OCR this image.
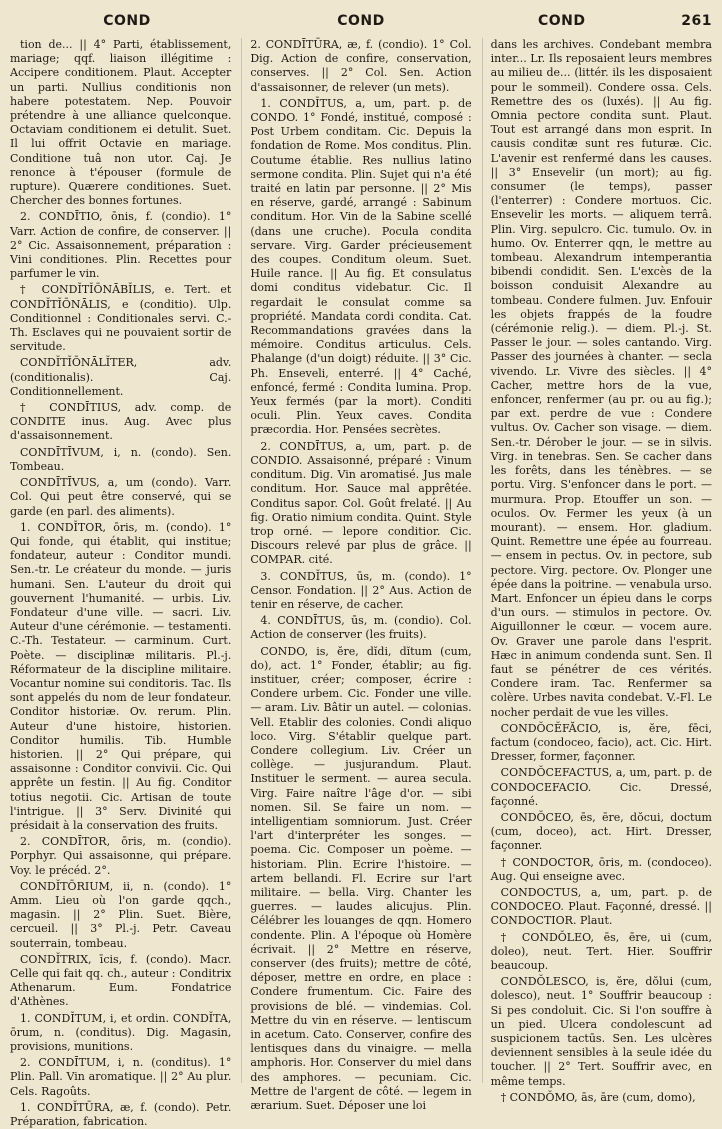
COND	COND	COND	261

tion de... || 4° Parti, établissement, mariage; qqf. liaison illégitime : Accipere conditionem. Plaut. Accepter un parti. Nullius conditionis non habere potestatem. Nep. Pouvoir prétendre à une alliance quelconque. Octaviam conditionem ei detulit. Suet. Il lui offrit Octavie en mariage. Conditione tuâ non utor. Caj. Je renonce à t'épouser (formule de rupture). Quærere conditiones. Suet. Chercher des bonnes fortunes.

2. CONDĪTIO, ōnis, f. (condio). 1° Varr. Action de confire, de conserver. || 2° Cic. Assaisonnement, préparation : Vini conditiones. Plin. Recettes pour parfumer le vin.

† CONDĬTĬŌNĀBĬLIS, e. Tert. et CONDĬTĬŌNĀLIS, e (conditio). Ulp. Conditionnel : Conditionales servi. C.-Th. Esclaves qui ne pouvaient sortir de servitude.

CONDĬTĬŌNĀLĬTER, adv. (conditionalis). Caj. Conditionnellement.

† CONDĪTIUS, adv. comp. de CONDITE inus. Aug. Avec plus d'assaisonnement.

CONDĪTĪVUM, i, n. (condo). Sen. Tombeau.

CONDĪTĪVUS, a, um (condo). Varr. Col. Qui peut être conservé, qui se garde (en parl. des aliments).

1. CONDĬTOR, ōris, m. (condo). 1° Qui fonde, qui établit, qui institue; fondateur, auteur : Conditor mundi. Sen.-tr. Le créateur du monde. — juris humani. Sen. L'auteur du droit qui gouvernent l'humanité. — urbis. Liv. Fondateur d'une ville. — sacri. Liv. Auteur d'une cérémonie. — testamenti. C.-Th. Testateur. — carminum. Curt. Poète. — disciplinæ militaris. Pl.-j. Réformateur de la discipline militaire. Vocantur nomine sui conditoris. Tac. Ils sont appelés du nom de leur fondateur. Conditor historiæ. Ov. rerum. Plin. Auteur d'une histoire, historien. Conditor humilis. Tib. Humble historien. || 2° Qui prépare, qui assaisonne : Conditor convivii. Cic. Qui apprête un festin. || Au fig. Conditor totius negotii. Cic. Artisan de toute l'intrigue. || 3° Serv. Divinité qui présidait à la conservation des fruits.

2. CONDĪTOR, ōris, m. (condio). Porphyr. Qui assaisonne, qui prépare. Voy. le précéd. 2°.

CONDĬTŌRIUM, ii, n. (condo). 1° Amm. Lieu où l'on garde qqch., magasin. || 2° Plin. Suet. Bière, cercueil. || 3° Pl.-j. Petr. Caveau souterrain, tombeau.

CONDĬTRIX, īcis, f. (condo). Macr. Celle qui fait qq. ch., auteur : Conditrix Athenarum. Eum. Fondatrice d'Athènes.

1. CONDĬTUM, i, et ordin. CONDĬTA, ōrum, n. (conditus). Dig. Magasin, provisions, munitions.

2. CONDĪTUM, i, n. (conditus). 1° Plin. Pall. Vin aromatique. || 2° Au plur. Cels. Ragoûts.

1. CONDĬTŪRA, æ, f. (condo). Petr. Préparation, fabrication.

2. CONDĪTŪRA, æ, f. (condio). 1° Col. Dig. Action de confire, conservation, conserves. || 2° Col. Sen. Action d'assaisonner, de relever (un mets).

1. CONDĬTUS, a, um, part. p. de CONDO. 1° Fondé, institué, composé : Post Urbem conditam. Cic. Depuis la fondation de Rome. Mos conditus. Plin. Coutume établie. Res nullius latino sermone condita. Plin. Sujet qui n'a été traité en latin par personne. || 2° Mis en réserve, gardé, arrangé : Sabinum conditum. Hor. Vin de la Sabine scellé (dans une cruche). Pocula condita servare. Virg. Garder précieusement des coupes. Conditum oleum. Suet. Huile rance. || Au fig. Et consulatus domi conditus videbatur. Cic. Il regardait le consulat comme sa propriété. Mandata cordi condita. Cat. Recommandations gravées dans la mémoire. Conditus articulus. Cels. Phalange (d'un doigt) réduite. || 3° Cic. Ph. Enseveli, enterré. || 4° Caché, enfoncé, fermé : Condita lumina. Prop. Yeux fermés (par la mort). Conditi oculi. Plin. Yeux caves. Condita præcordia. Hor. Pensées secrètes.

2. CONDĪTUS, a, um, part. p. de CONDIO. Assaisonné, préparé : Vinum conditum. Dig. Vin aromatisé. Jus male conditum. Hor. Sauce mal apprêtée. Conditus sapor. Col. Goût frelaté. || Au fig. Oratio nimium condita. Quint. Style trop orné. — lepore conditior. Cic. Discours relevé par plus de grâce. || COMPAR. cité.

3. CONDĬTUS, ūs, m. (condo). 1° Censor. Fondation. || 2° Aus. Action de tenir en réserve, de cacher.

4. CONDĪTUS, ūs, m. (condio). Col. Action de conserver (les fruits).

CONDO, is, ĕre, dĭdi, dĭtum (cum, do), act. 1° Fonder, établir; au fig. instituer, créer; composer, écrire : Condere urbem. Cic. Fonder une ville. — aram. Liv. Bâtir un autel. — colonias. Vell. Etablir des colonies. Condi aliquo loco. Virg. S'établir quelque part. Condere collegium. Liv. Créer un collège. — jusjurandum. Plaut. Instituer le serment. — aurea secula. Virg. Faire naître l'âge d'or. — sibi nomen. Sil. Se faire un nom. — intelligentiam somniorum. Just. Créer l'art d'interpréter les songes. — poema. Cic. Composer un poème. — historiam. Plin. Ecrire l'histoire. — artem bellandi. Fl. Ecrire sur l'art militaire. — bella. Virg. Chanter les guerres. — laudes alicujus. Plin. Célébrer les louanges de qqn. Homero condente. Plin. A l'époque où Homère écrivait. || 2° Mettre en réserve, conserver (des fruits); mettre de côté, déposer, mettre en ordre, en place : Condere frumentum. Cic. Faire des provisions de blé. — vindemias. Col. Mettre du vin en réserve. — lentiscum in acetum. Cato. Conserver, confire des lentisques dans du vinaigre. — mella amphoris. Hor. Conserver du miel dans des amphores. — pecuniam. Cic. Mettre de l'argent de côté. — legem in ærarium. Suet. Déposer une loi

dans les archives. Condebant membra inter... Lr. Ils reposaient leurs membres au milieu de... (littér. ils les disposaient pour le sommeil). Condere ossa. Cels. Remettre des os (luxés). || Au fig. Omnia pectore condita sunt. Plaut. Tout est arrangé dans mon esprit. In causis conditæ sunt res futuræ. Cic. L'avenir est renfermé dans les causes. || 3° Ensevelir (un mort); au fig. consumer (le temps), passer (l'enterrer) : Condere mortuos. Cic. Ensevelir les morts. — aliquem terrâ. Plin. Virg. sepulcro. Cic. tumulo. Ov. in humo. Ov. Enterrer qqn, le mettre au tombeau. Alexandrum intemperantia bibendi condidit. Sen. L'excès de la boisson conduisit Alexandre au tombeau. Condere fulmen. Juv. Enfouir les objets frappés de la foudre (cérémonie relig.). — diem. Pl.-j. St. Passer le jour. — soles cantando. Virg. Passer des journées à chanter. — secla vivendo. Lr. Vivre des siècles. || 4° Cacher, mettre hors de la vue, enfoncer, renfermer (au pr. ou au fig.); par ext. perdre de vue : Condere vultus. Ov. Cacher son visage. — diem. Sen.-tr. Dérober le jour. — se in silvis. Virg. in tenebras. Sen. Se cacher dans les forêts, dans les ténèbres. — se portu. Virg. S'enfoncer dans le port. — murmura. Prop. Etouffer un son. — oculos. Ov. Fermer les yeux (à un mourant). — ensem. Hor. gladium. Quint. Remettre une épée au fourreau. — ensem in pectus. Ov. in pectore, sub pectore. Virg. pectore. Ov. Plonger une épée dans la poitrine. — venabula urso. Mart. Enfoncer un épieu dans le corps d'un ours. — stimulos in pectore. Ov. Aiguillonner le cœur. — vocem aure. Ov. Graver une parole dans l'esprit. Hæc in animum condenda sunt. Sen. Il faut se pénétrer de ces vérités. Condere iram. Tac. Renfermer sa colère. Urbes navita condebat. V.-Fl. Le nocher perdait de vue les villes.

CONDŎCĔFĂCIO, is, ĕre, fēci, factum (condoceo, facio), act. Cic. Hirt. Dresser, former, façonner.

CONDŎCEFACTUS, a, um, part. p. de CONDOCEFACIO. Cic. Dressé, façonné.

CONDŎCEO, ēs, ēre, dŏcui, doctum (cum, doceo), act. Hirt. Dresser, façonner.

† CONDOCTOR, ōris, m. (condoceo). Aug. Qui enseigne avec.

CONDOCTUS, a, um, part. p. de CONDOCEO. Plaut. Façonné, dressé. || CONDOCTIOR. Plaut.

† CONDŎLEO, ēs, ēre, ui (cum, doleo), neut. Tert. Hier. Souffrir beaucoup.

CONDŎLESCO, is, ĕre, dŏlui (cum, dolesco), neut. 1° Souffrir beaucoup : Si pes condoluit. Cic. Si l'on souffre à un pied. Ulcera condolescunt ad suspicionem tactūs. Sen. Les ulcères deviennent sensibles à la seule idée du toucher. || 2° Tert. Souffrir avec, en même temps.

† CONDŎMO, ās, āre (cum, domo),
